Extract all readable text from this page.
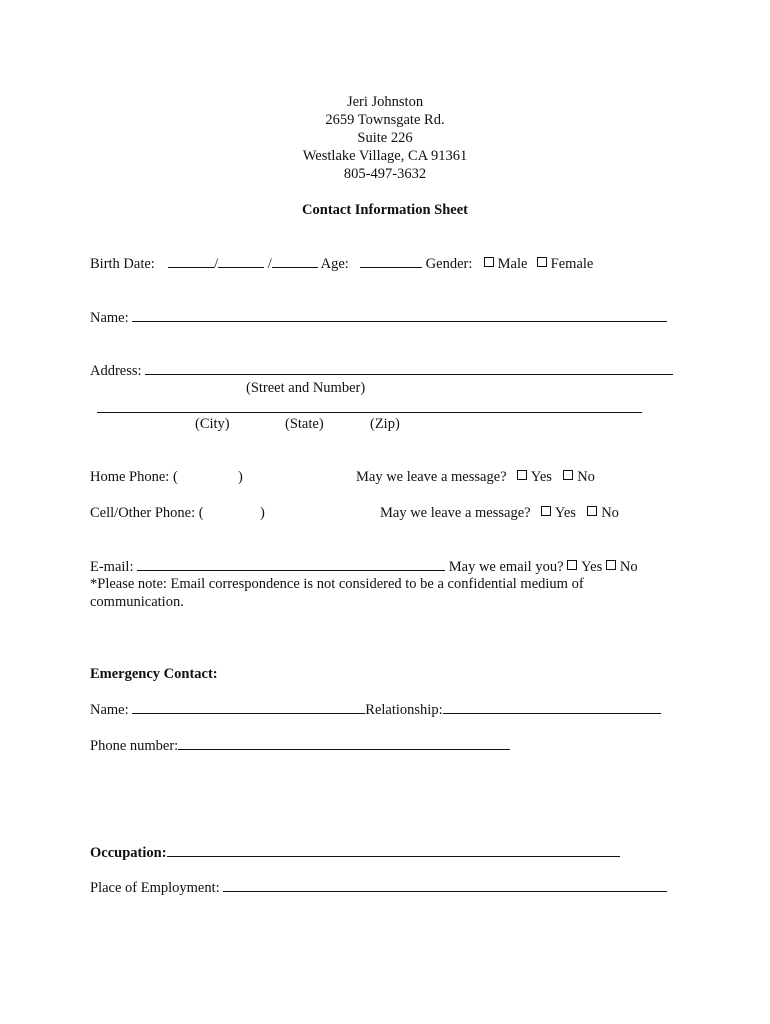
Jeri Johnston
2659 Townsgate Rd.
Suite 226
Westlake Village, CA 91361
805-497-3632
Contact Information Sheet
Birth Date:	/	/	Age:	Gender: Male Female
Name:
Address:
(Street and Number)
(City)	(State)	(Zip)
Home Phone: (	)	May we leave a message? Yes No
Cell/Other Phone: (	)	May we leave a message? Yes No
E-mail:	May we email you? Yes No
*Please note: Email correspondence is not considered to be a confidential medium of
communication.
Emergency Contact:
Name:	Relationship:
Phone number:
Occupation:
Place of Employment:
